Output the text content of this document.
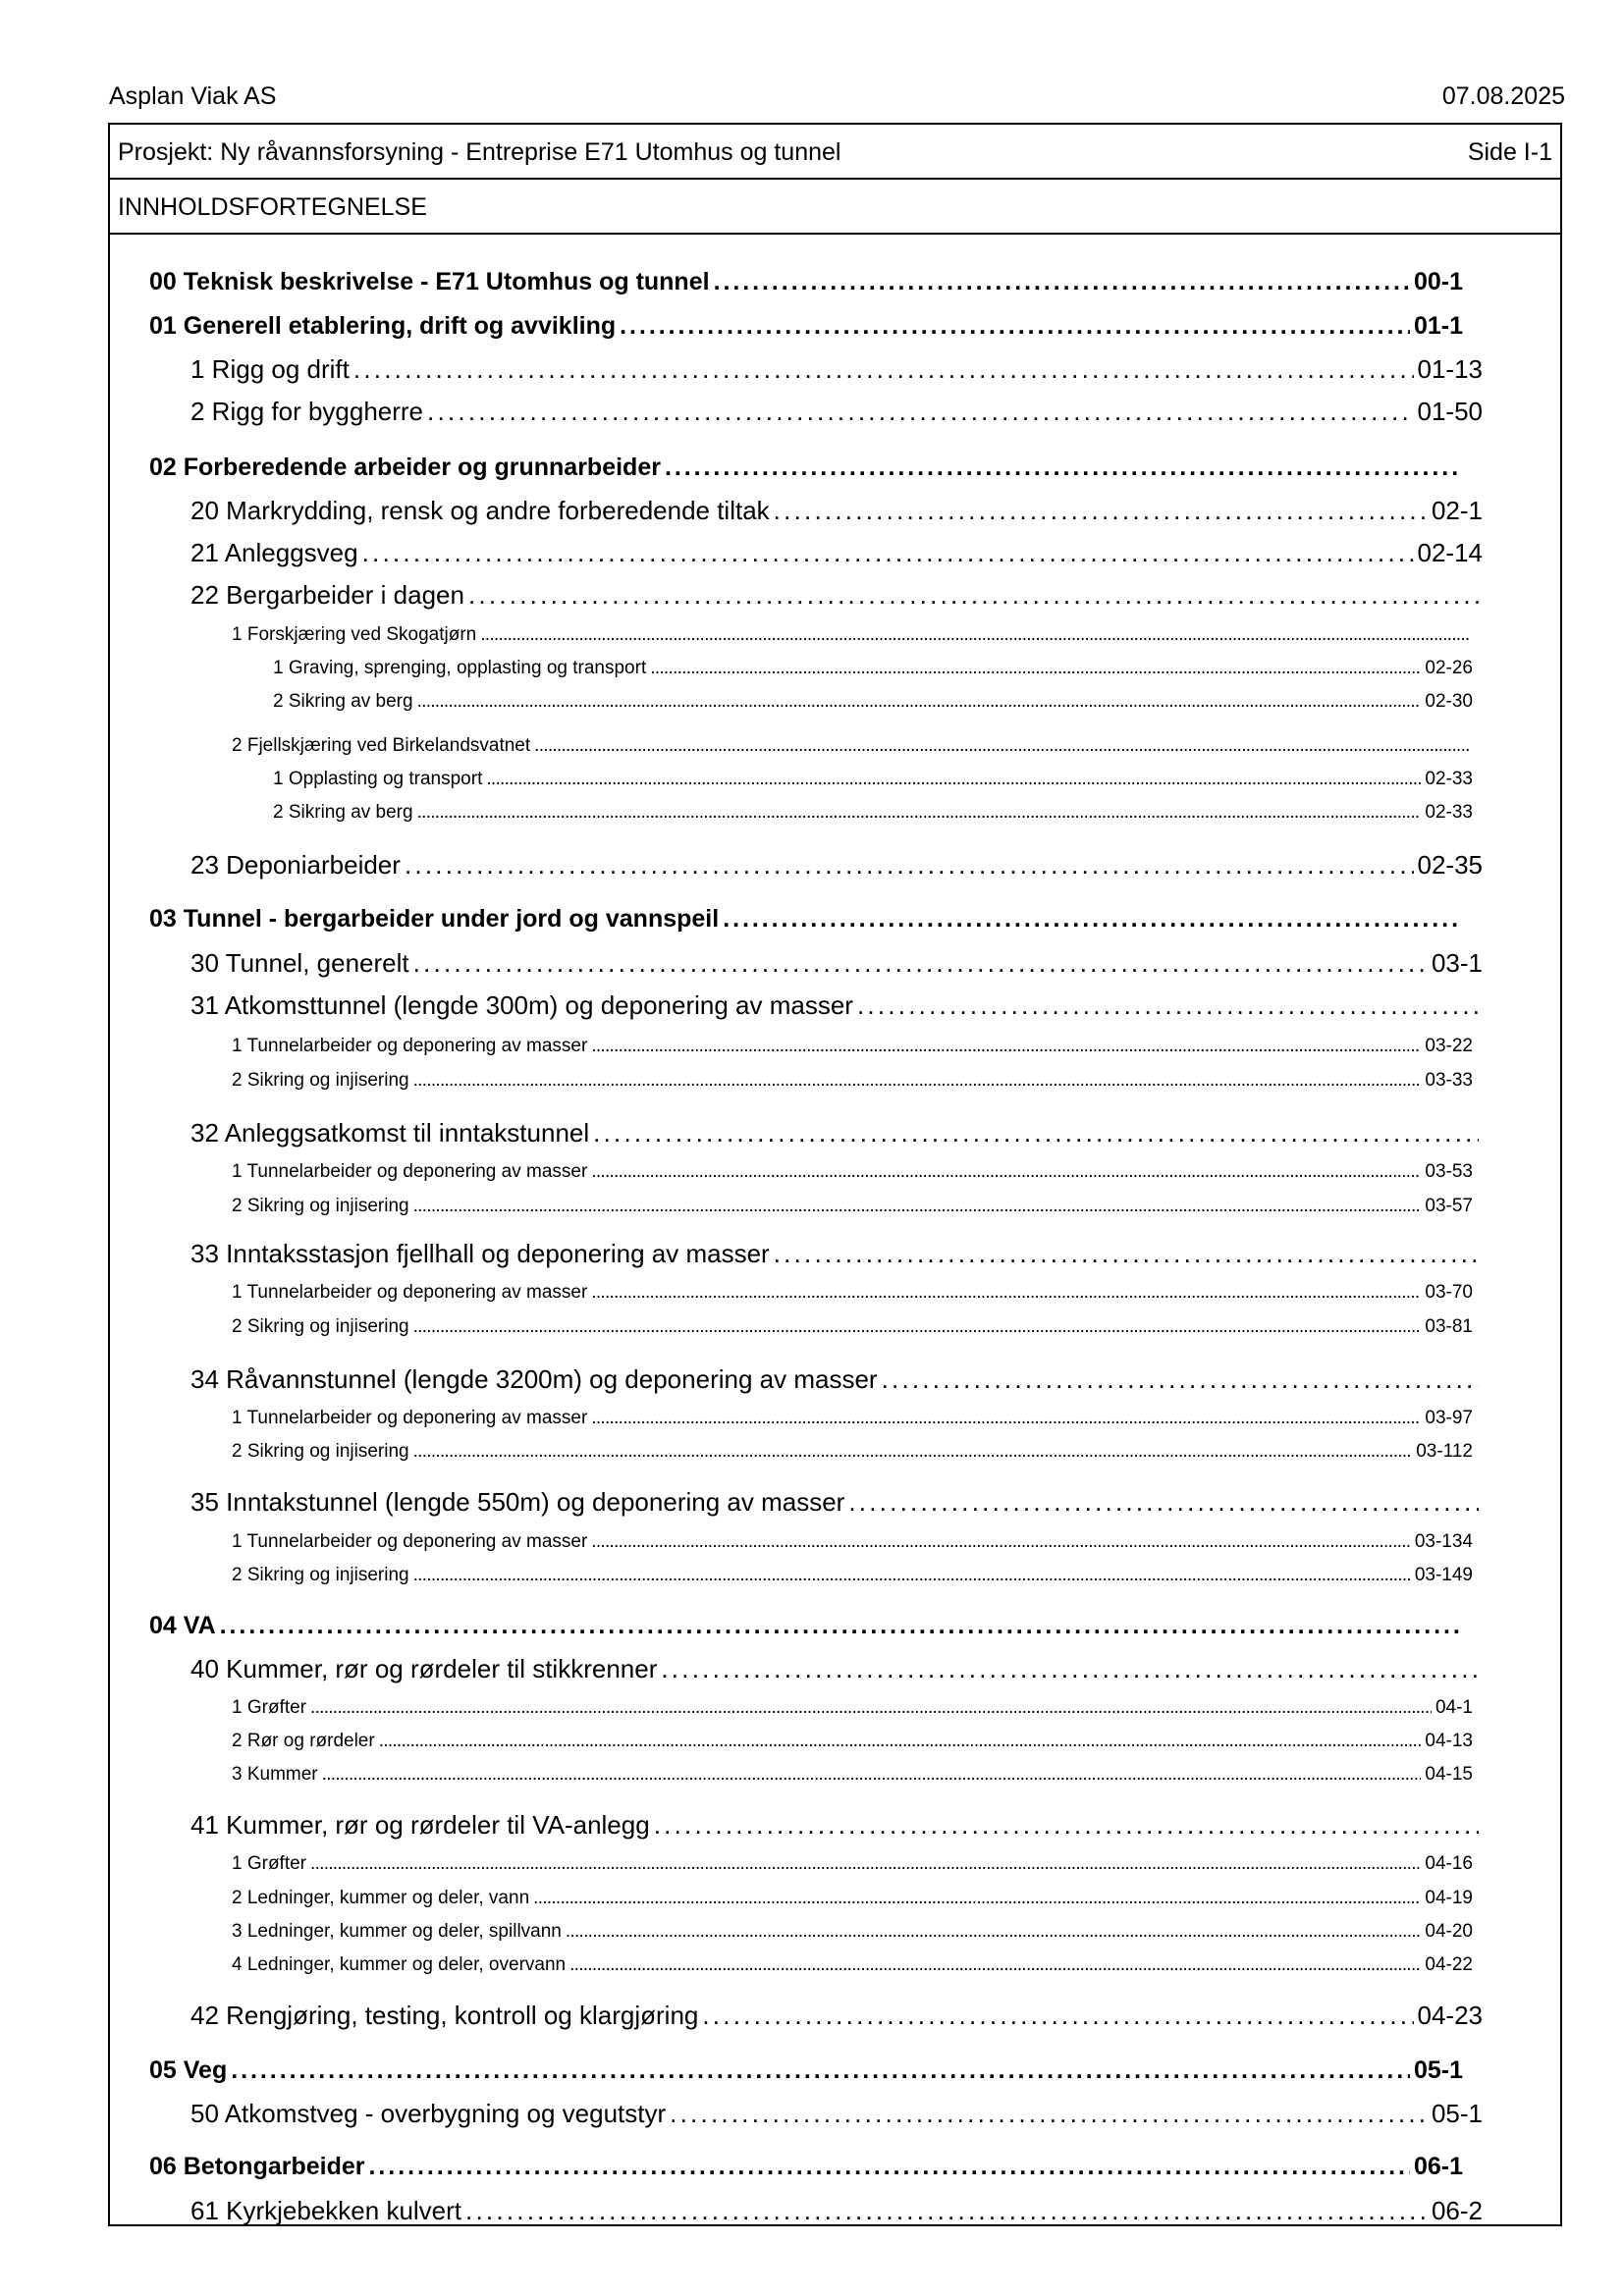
Asplan Viak AS	07.08.2025
Prosjekt: Ny råvannsforsyning - Entreprise E71 Utomhus og tunnel	Side I-1
INNHOLDSFORTEGNELSE
00 Teknisk beskrivelse - E71 Utomhus og tunnel . . .	00-1
01 Generell etablering, drift og avvikling . . .	01-1
1 Rigg og drift . . .	01-13
2 Rigg for byggherre . . .	01-50
02 Forberedende arbeider og grunnarbeider
. . .
20 Markrydding, rensk og andre forberedende tiltak . . .	02-1
21 Anleggsveg . . .	02-14
22 Bergarbeider i dagen
. . .
1 Forskjæring ved Skogatjørn
. . .
1 Graving, sprenging, opplasting og transport . . .	02-26
2 Sikring av berg . . .	02-30
2 Fjellskjæring ved Birkelandsvatnet
. . .
1 Opplasting og transport . . .	02-33
2 Sikring av berg . . .	02-33
23 Deponiarbeider . . .	02-35
03 Tunnel - bergarbeider under jord og vannspeil
. . .
30 Tunnel, generelt . . .	03-1
31 Atkomsttunnel (lengde 300m) og deponering av masser
. . .
1 Tunnelarbeider og deponering av masser . . .	03-22
2 Sikring og injisering . . .	03-33
32 Anleggsatkomst til inntakstunnel
. . .
1 Tunnelarbeider og deponering av masser . . .	03-53
2 Sikring og injisering . . .	03-57
33 Inntaksstasjon fjellhall og deponering av masser
. . .
1 Tunnelarbeider og deponering av masser . . .	03-70
2 Sikring og injisering . . .	03-81
34 Råvannstunnel (lengde 3200m) og deponering av masser
. . .
1 Tunnelarbeider og deponering av masser . . .	03-97
2 Sikring og injisering . . .	03-112
35 Inntakstunnel (lengde 550m) og deponering av masser
. . .
1 Tunnelarbeider og deponering av masser . . .	03-134
2 Sikring og injisering . . .	03-149
04 VA
. . .
40 Kummer, rør og rørdeler til stikkrenner
. . .
1 Grøfter . . .	04-1
2 Rør og rørdeler . . .	04-13
3 Kummer . . .	04-15
41 Kummer, rør og rørdeler til VA-anlegg
. . .
1 Grøfter . . .	04-16
2 Ledninger, kummer og deler, vann . . .	04-19
3 Ledninger, kummer og deler, spillvann . . .	04-20
4 Ledninger, kummer og deler, overvann . . .	04-22
42 Rengjøring, testing, kontroll og klargjøring . . .	04-23
05 Veg . . .	05-1
50 Atkomstveg - overbygning og vegutstyr . . .	05-1
06 Betongarbeider . . .	06-1
61 Kyrkjebekken kulvert . . .	06-2
